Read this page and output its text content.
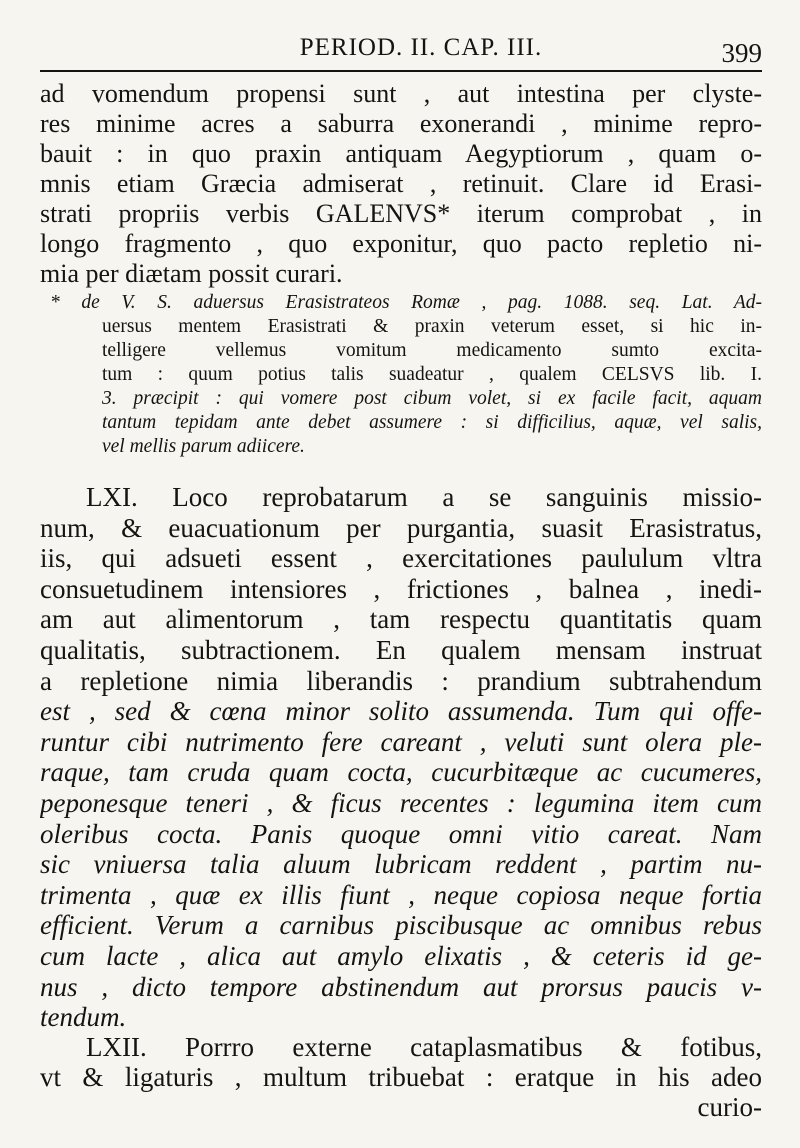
PERIOD. II. CAP. III.	399
ad vomendum propensi sunt , aut intestina per clyste-
res minime acres a saburra exonerandi , minime repro-
bauit : in quo praxin antiquam Aegyptiorum , quam o-
mnis etiam Græcia admiserat , retinuit. Clare id Erasi-
strati propriis verbis GALENVS* iterum comprobat , in
longo fragmento , quo exponitur, quo pacto repletio ni-
mia per diætam possit curari.
* de V. S. aduersus Erasistrateos Romæ , pag. 1088. seq. Lat. Ad-
uersus mentem Erasistrati & praxin veterum esset, si hic in-
telligere vellemus vomitum medicamento sumto excita-
tum : quum potius talis suadeatur , qualem CELSVS lib. I.
3. præcipit : qui vomere post cibum volet, si ex facile facit, aquam
tantum tepidam ante debet assumere : si difficilius, aquæ, vel salis,
vel mellis parum adiicere.
LXI. Loco reprobatarum a se sanguinis missio-
num, & euacuationum per purgantia, suasit Erasistratus,
iis, qui adsueti essent , exercitationes paululum vltra
consuetudinem intensiores , frictiones , balnea , inedi-
am aut alimentorum , tam respectu quantitatis quam
qualitatis, subtractionem. En qualem mensam instruat
a repletione nimia liberandis : prandium subtrahendum
est , sed & cœna minor solito assumenda. Tum qui offe-
runtur cibi nutrimento fere careant , veluti sunt olera ple-
raque, tam cruda quam cocta, cucurbitæque ac cucumeres,
peponesque teneri , & ficus recentes : legumina item cum
oleribus cocta. Panis quoque omni vitio careat. Nam
sic vniuersa talia aluum lubricam reddent , partim nu-
trimenta , quæ ex illis fiunt , neque copiosa neque fortia
efficient. Verum a carnibus piscibusque ac omnibus rebus
cum lacte , alica aut amylo elixatis , & ceteris id ge-
nus , dicto tempore abstinendum aut prorsus paucis v-
tendum.
LXII. Porrro externe cataplasmatibus & fotibus,
vt & ligaturis , multum tribuebat : eratque in his adeo
curio-
